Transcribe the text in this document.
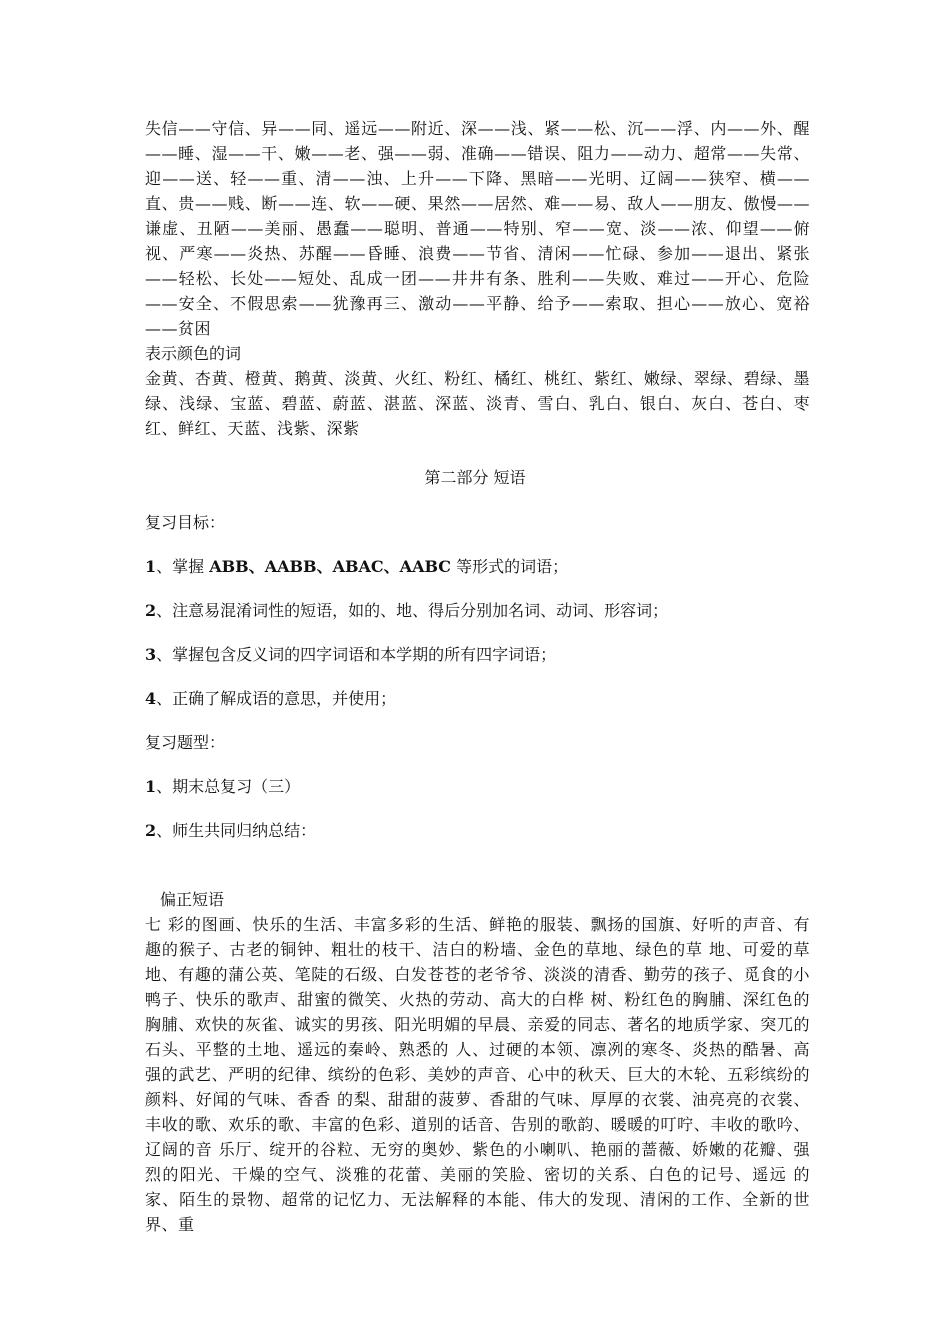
失信——守信、异——同、遥远——附近、深——浅、紧——松、沉——浮、内——外、醒——睡、湿——干、嫩——老、强——弱、准确——错误、阻力——动力、超常——失常、迎——送、轻——重、清——浊、上升——下降、黑暗——光明、辽阔——狭窄、横——直、贵——贱、断——连、软——硬、果然——居然、难——易、敌人——朋友、傲慢——谦虚、丑陋——美丽、愚蠢——聪明、普通——特别、窄——宽、淡——浓、仰望——俯视、严寒——炎热、苏醒——昏睡、浪费——节省、清闲——忙碌、参加——退出、紧张——轻松、长处——短处、乱成一团——井井有条、胜利——失败、难过——开心、危险——安全、不假思索——犹豫再三、激动——平静、给予——索取、担心——放心、宽裕——贫困

表示颜色的词

金黄、杏黄、橙黄、鹅黄、淡黄、火红、粉红、橘红、桃红、紫红、嫩绿、翠绿、碧绿、墨绿、浅绿、宝蓝、碧蓝、蔚蓝、湛蓝、深蓝、淡青、雪白、乳白、银白、灰白、苍白、枣红、鲜红、天蓝、浅紫、深紫

第二部分 短语

复习目标：

1、掌握 ABB、AABB、ABAC、AABC 等形式的词语；

2、注意易混淆词性的短语，如的、地、得后分别加名词、动词、形容词；

3、掌握包含反义词的四字词语和本学期的所有四字词语；

4、正确了解成语的意思，并使用；

复习题型：

1、期末总复习（三）

2、师生共同归纳总结：

偏正短语

七 彩的图画、快乐的生活、丰富多彩的生活、鲜艳的服装、飘扬的国旗、好听的声音、有趣的猴子、古老的铜钟、粗壮的枝干、洁白的粉墙、金色的草地、绿色的草 地、可爱的草地、有趣的蒲公英、笔陡的石级、白发苍苍的老爷爷、淡淡的清香、勤劳的孩子、觅食的小鸭子、快乐的歌声、甜蜜的微笑、火热的劳动、高大的白桦 树、粉红色的胸脯、深红色的胸脯、欢快的灰雀、诚实的男孩、阳光明媚的早晨、亲爱的同志、著名的地质学家、突兀的石头、平整的土地、遥远的秦岭、熟悉的 人、过硬的本领、凛冽的寒冬、炎热的酷暑、高强的武艺、严明的纪律、缤纷的色彩、美妙的声音、心中的秋天、巨大的木轮、五彩缤纷的颜料、好闻的气味、香香 的梨、甜甜的菠萝、香甜的气味、厚厚的衣裳、油亮亮的衣裳、丰收的歌、欢乐的歌、丰富的色彩、道别的话音、告别的歌韵、暖暖的叮咛、丰收的歌吟、辽阔的音 乐厅、绽开的谷粒、无穷的奥妙、紫色的小喇叭、艳丽的蔷薇、娇嫩的花瓣、强烈的阳光、干燥的空气、淡雅的花蕾、美丽的笑脸、密切的关系、白色的记号、遥远 的家、陌生的景物、超常的记忆力、无法解释的本能、伟大的发现、清闲的工作、全新的世界、重
